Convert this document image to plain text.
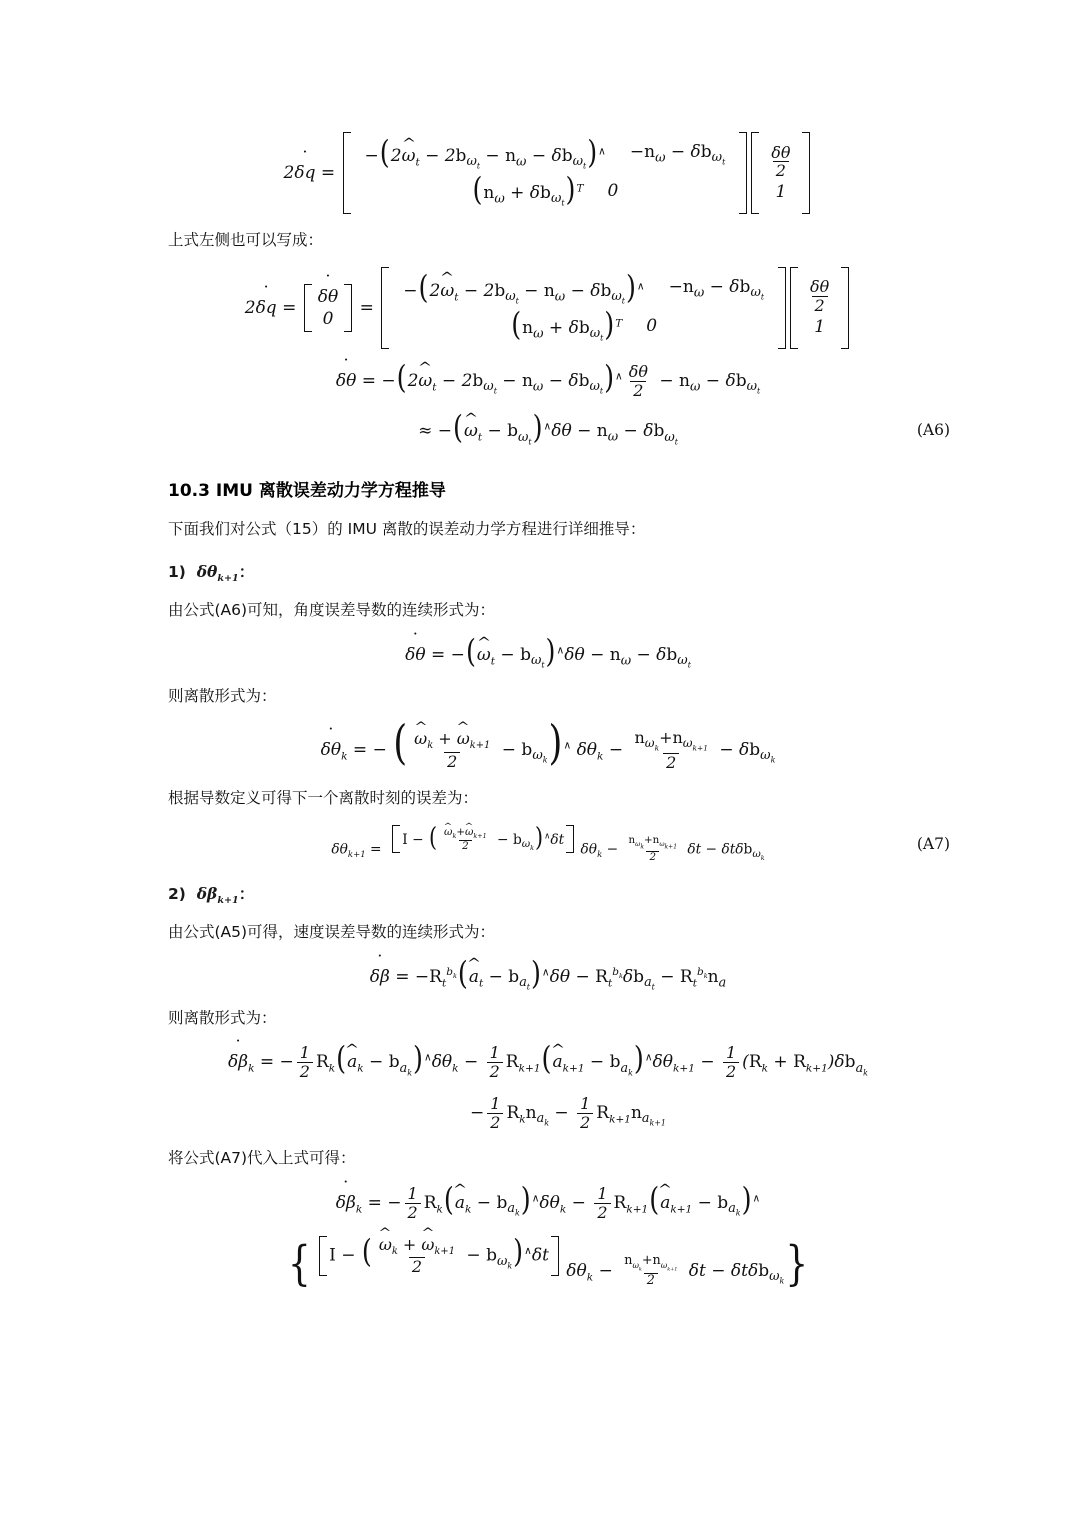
2˙ δq =
−(2^ $\omega_t - 2b_{\omega_t} - n_\omega - \delta b_{\omega_t})^\wedge$	$-n_\omega - \delta b_{\omega_t}$
$(n_\omega + \delta b_{\omega_t})^T$	0
$\frac{\delta\theta}{2}$
1
上式左侧也可以写成：
2˙ δq =
˙ δθ
0
=
−(2^ $\omega_t - 2b_{\omega_t} - n_\omega - \delta b_{\omega_t})^\wedge$	$-n_\omega - \delta b_{\omega_t}$
$(n_\omega + \delta b_{\omega_t})^T$	0
$\frac{\delta\theta}{2}$
1
˙ δθ = −(2^ $\omega_t - 2b_{\omega_t} - n_\omega - \delta b_{\omega_t})^\wedge \frac{\delta\theta}{2} - n_\omega - \delta b_{\omega_t}$
≈ −(^ $\omega_t - b_{\omega_t})^\wedge\delta\theta - n_\omega - \delta b_{\omega_t}$
(A6)
10.3 IMU 离散误差动力学方程推导
下面我们对公式（15）的 IMU 离散的误差动力学方程进行详细推导：
1) $\delta\theta_{k+1}$：
由公式(A6)可知，角度误差导数的连续形式为：
˙ δθ = −(^ $\omega_t - b_{\omega_t})^\wedge\delta\theta - n_\omega - \delta b_{\omega_t}$
则离散形式为：
˙ $\delta\theta_k$ = − ( ^ $\frac{\omega_k + \^{} \omega_{k+1}}{2} - b_{\omega_k})^\wedge$ $\delta\theta_k - \frac{n_{\omega_k}+n_{\omega_{k+1}}}{2} - \delta b_{\omega_k}$
根据导数定义可得下一个离散时刻的误差为：
$\delta\theta_{k+1}$ =
I − ( ^ $\frac{\omega_k+\^{} \omega_{k+1}}{2} - b_{\omega_k})^\wedge\delta t$
$\delta\theta_k - \frac{n_{\omega_k}+n_{\omega_{k+1}}}{2}$ δt − δtδb$_{\omega_k}$
(A7)
2) $\delta\beta_{k+1}$：
由公式(A5)可得，速度误差导数的连续形式为：
˙ $\delta\beta = -R_t^{b_k}(\^{}$ $a_t - b_{a_t})^\wedge\delta\theta - R_t^{b_k}\delta b_{a_t} - R_t^{b_k}n_a$
则离散形式为：
˙ $\delta\beta_k$ = − $\frac{1}{2}$ $R_k(\^{}$ $a_k - b_{a_k})^\wedge\delta\theta_k - \frac{1}{2}$ $R_{k+1}(\^{}$ $a_{k+1} - b_{a_k})^\wedge\delta\theta_{k+1} - \frac{1}{2} (R_k + R_{k+1})\delta b_{a_k}$
− $\frac{1}{2} R_kn_{a_k} - \frac{1}{2} R_{k+1}n_{a_{k+1}}$
将公式(A7)代入上式可得：
˙ $\delta\beta_k$ = − $\frac{1}{2}$ $R_k(\^{}$ $a_k - b_{a_k})^\wedge\delta\theta_k - \frac{1}{2}$ $R_{k+1}(\^{}$ $a_{k+1} - b_{a_k})^\wedge$
{ I − ( ^ $\frac{\omega_k + \^{} \omega_{k+1}}{2} - b_{\omega_k})^\wedge\delta t$
$\delta\theta_k - \frac{n_{\omega_k}+n_{\omega_{k+1}}}{2}$ δt − δtδb$_{\omega_k}$}
